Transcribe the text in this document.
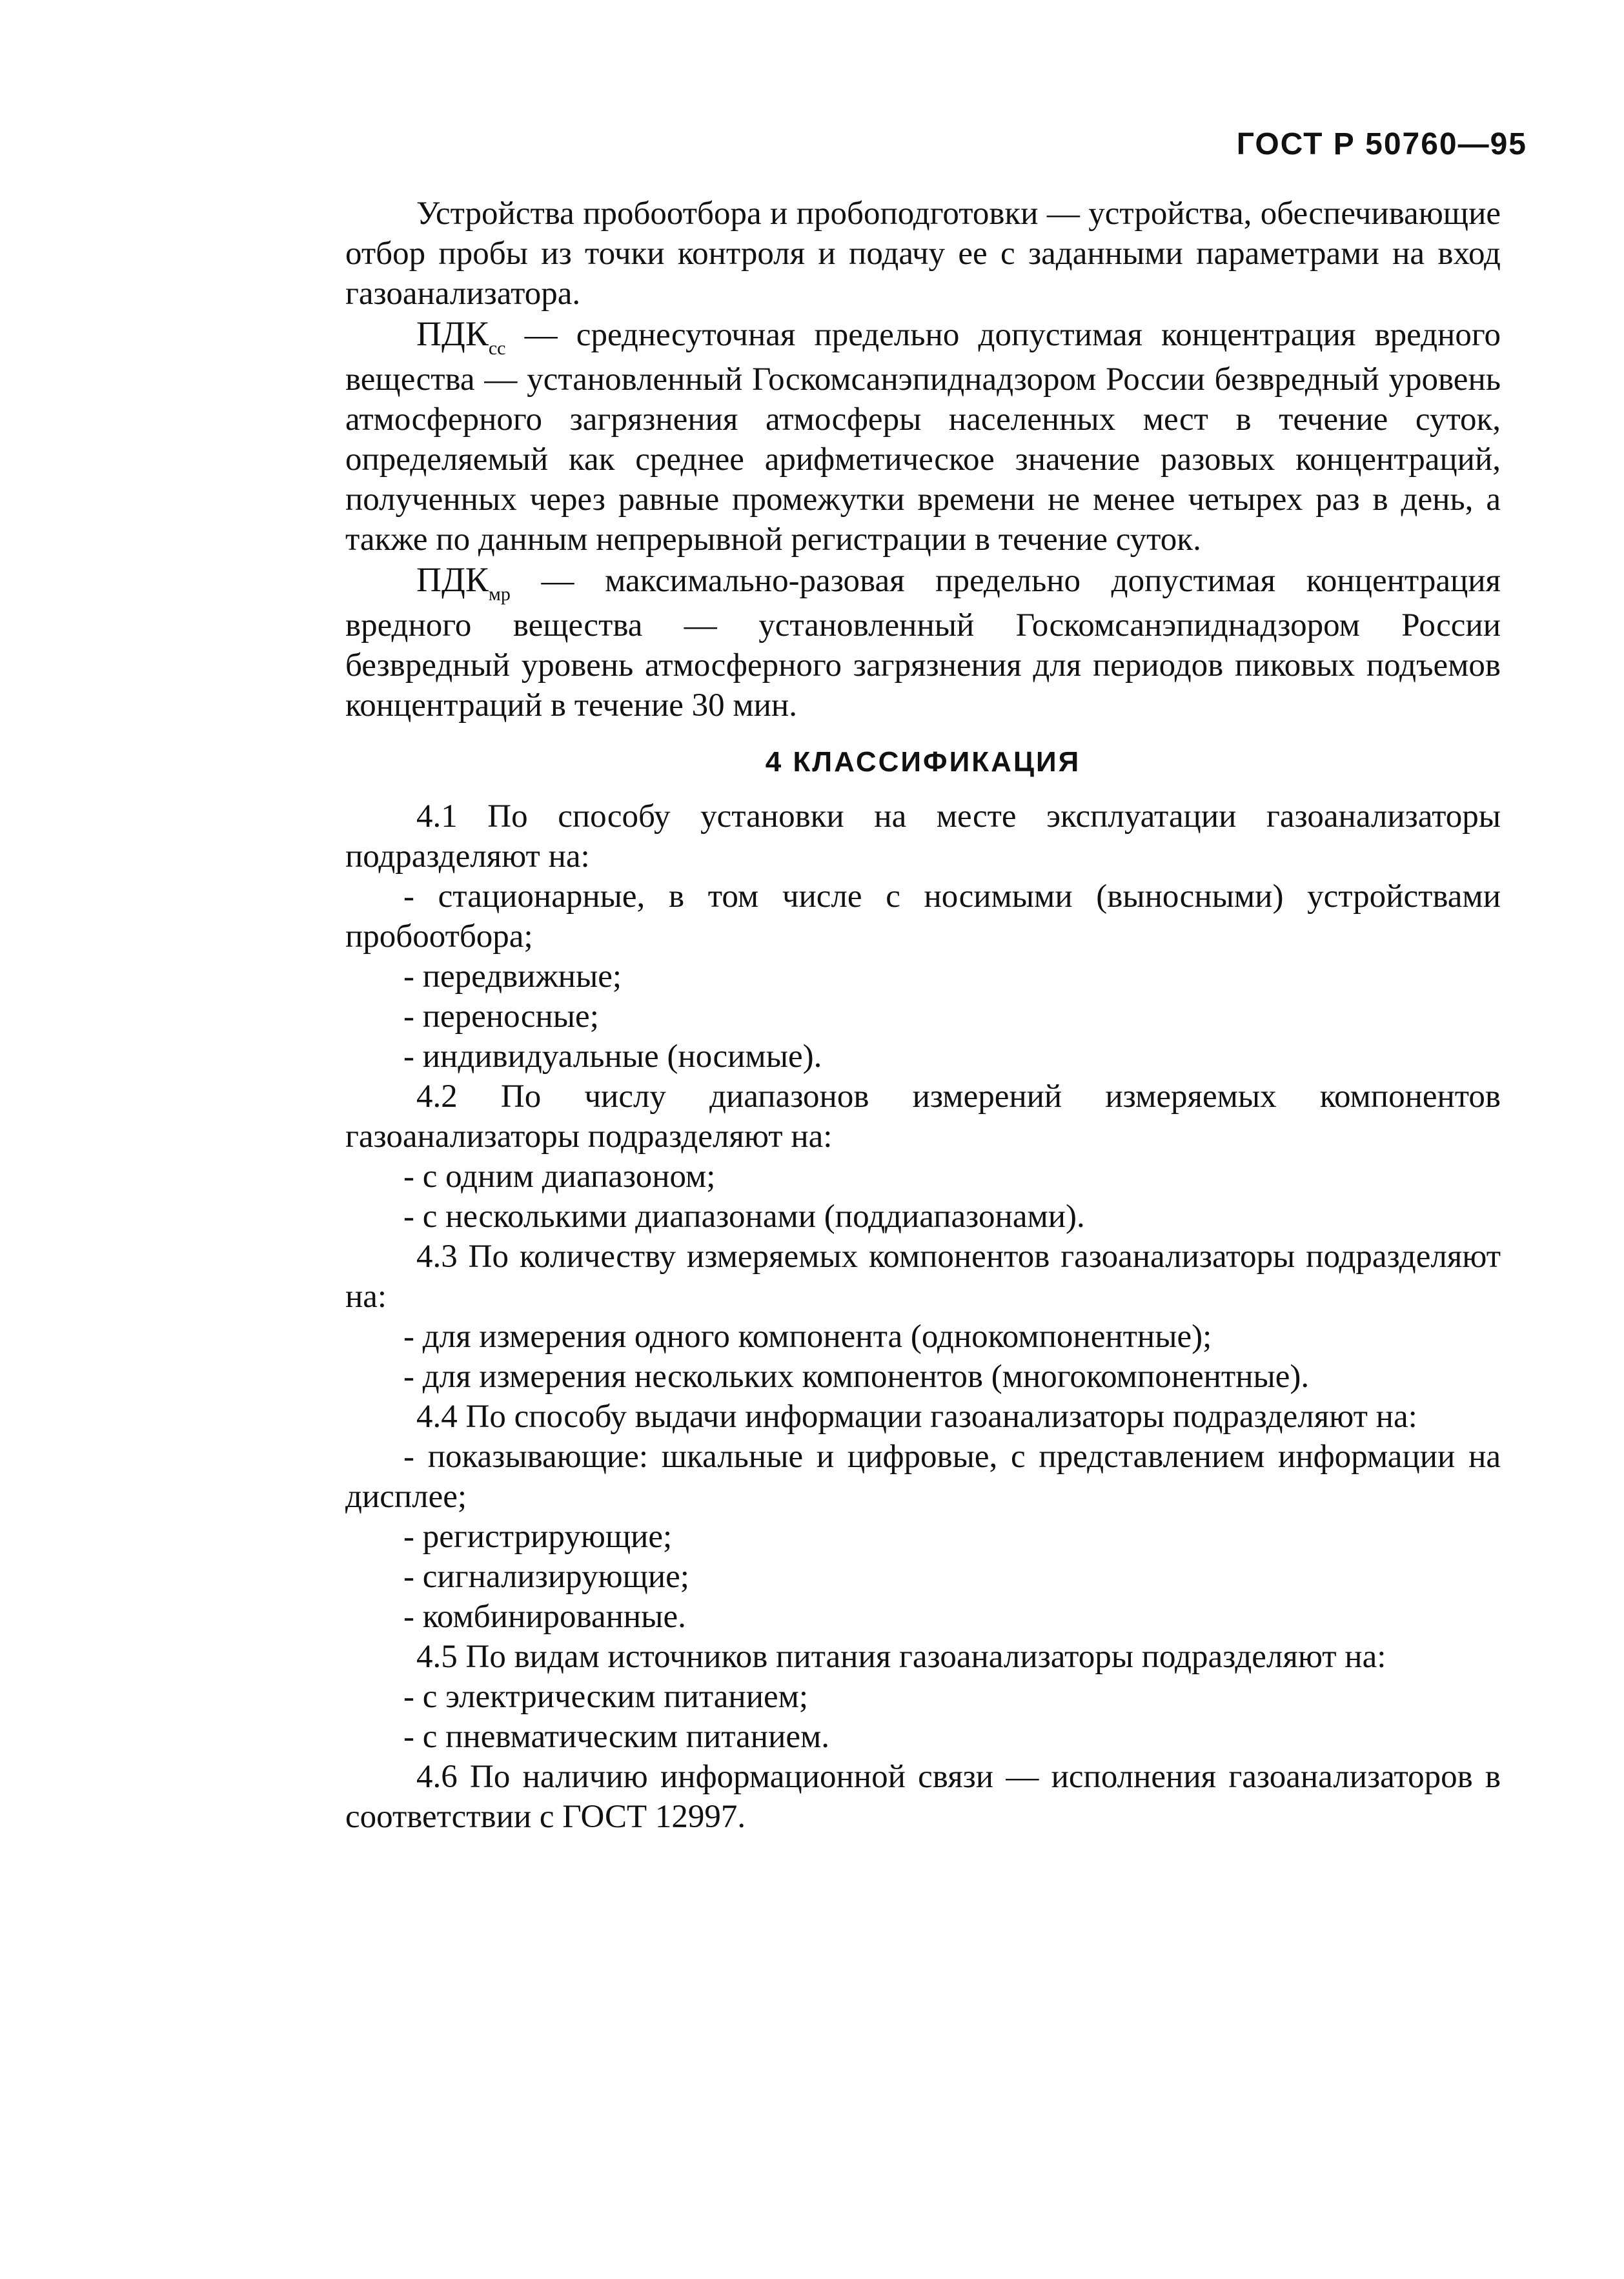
ГОСТ Р 50760—95

Устройства пробоотбора и пробоподготовки — устройства, обеспечивающие отбор пробы из точки контроля и подачу ее с заданными параметрами на вход газоанализатора.

$ПДК_{сс}$ — среднесуточная предельно допустимая концентрация вредного вещества — установленный Госкомсанэпиднадзором России безвредный уровень атмосферного загрязнения атмосферы населенных мест в течение суток, определяемый как среднее арифметическое значение разовых концентраций, полученных через равные промежутки времени не менее четырех раз в день, а также по данным непрерывной регистрации в течение суток.

$ПДК_{мр}$ — максимально-разовая предельно допустимая концентрация вредного вещества — установленный Госкомсанэпиднадзором России безвредный уровень атмосферного загрязнения для периодов пиковых подъемов концентраций в течение 30 мин.

4 КЛАССИФИКАЦИЯ

4.1 По способу установки на месте эксплуатации газоанализаторы подразделяют на:

- стационарные, в том числе с носимыми (выносными) устройствами пробоотбора;

- передвижные;

- переносные;

- индивидуальные (носимые).

4.2 По числу диапазонов измерений измеряемых компонентов газоанализаторы подразделяют на:

- с одним диапазоном;

- с несколькими диапазонами (поддиапазонами).

4.3 По количеству измеряемых компонентов газоанализаторы подразделяют на:

- для измерения одного компонента (однокомпонентные);

- для измерения нескольких компонентов (многокомпонентные).

4.4 По способу выдачи информации газоанализаторы подразделяют на:

- показывающие: шкальные и цифровые, с представлением информации на дисплее;

- регистрирующие;

- сигнализирующие;

- комбинированные.

4.5 По видам источников питания газоанализаторы подразделяют на:

- с электрическим питанием;

- с пневматическим питанием.

4.6 По наличию информационной связи — исполнения газоанализаторов в соответствии с ГОСТ 12997.
